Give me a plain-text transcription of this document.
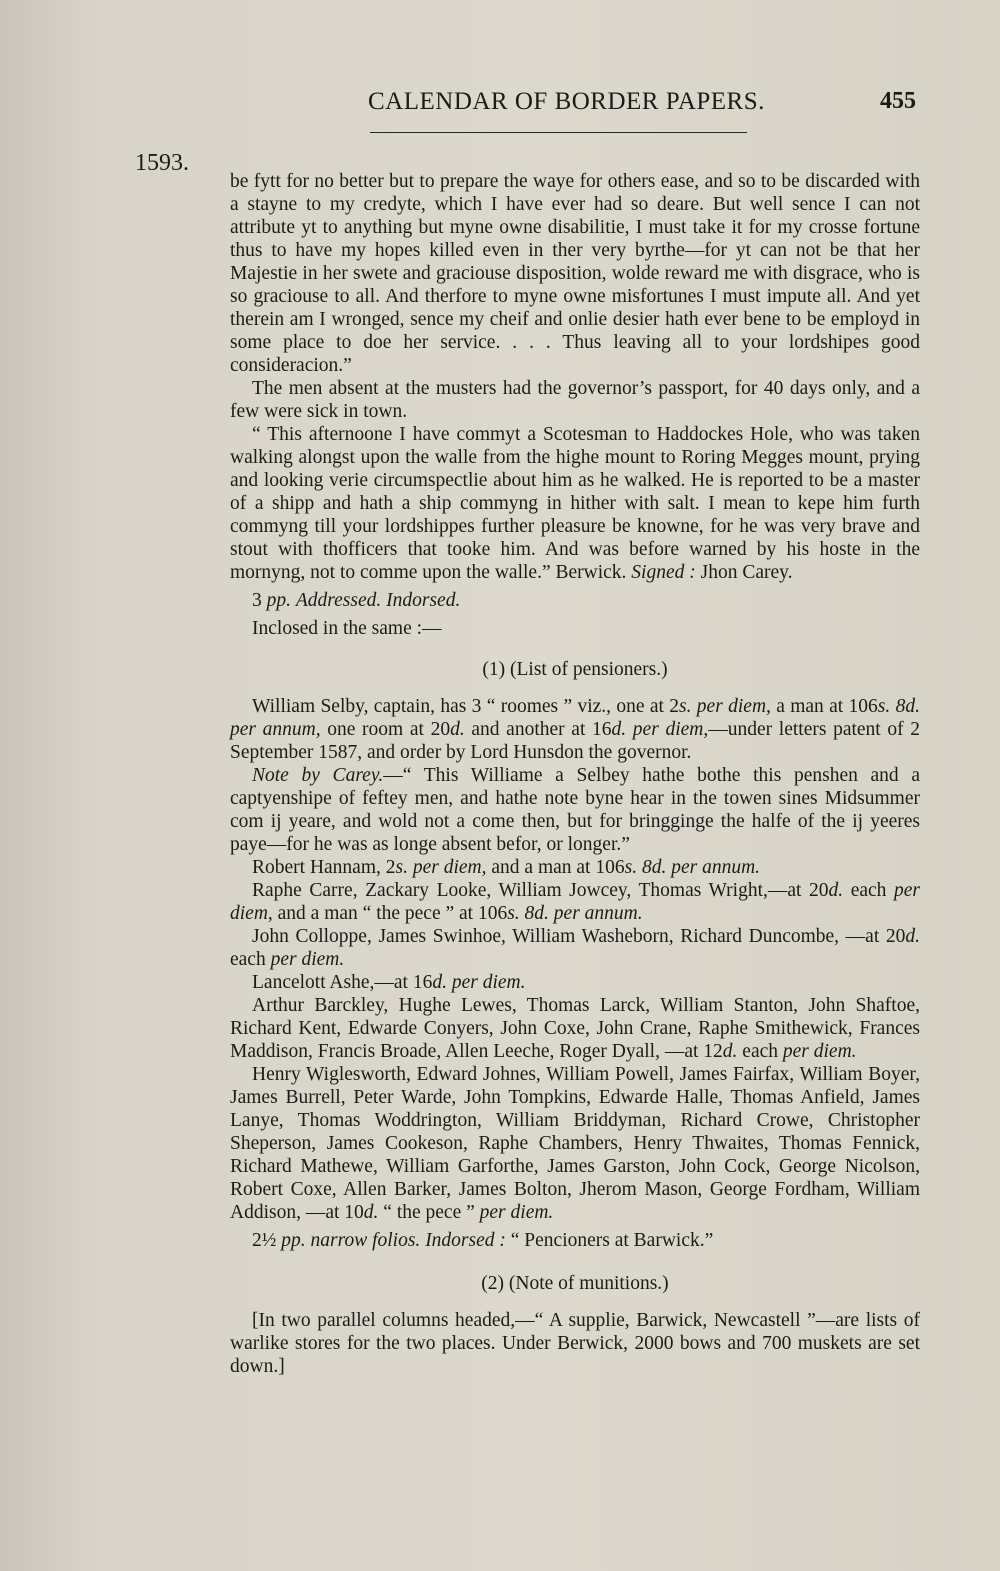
CALENDAR OF BORDER PAPERS.	455
1593.

be fytt for no better but to prepare the waye for others ease, and so to be discarded with a stayne to my credyte, which I have ever had so deare. But well sence I can not attribute yt to anything but myne owne disabilitie, I must take it for my crosse fortune thus to have my hopes killed even in ther very byrthe—for yt can not be that her Majestie in her swete and graciouse disposition, wolde reward me with disgrace, who is so graciouse to all. And therfore to myne owne misfortunes I must impute all. And yet therein am I wronged, sence my cheif and onlie desier hath ever bene to be employd in some place to doe her service. . . . Thus leaving all to your lordshipes good consideracion.”

The men absent at the musters had the governor’s passport, for 40 days only, and a few were sick in town.

“ This afternoone I have commyt a Scotesman to Haddockes Hole, who was taken walking alongst upon the walle from the highe mount to Roring Megges mount, prying and looking verie circumspectlie about him as he walked. He is reported to be a master of a shipp and hath a ship commyng in hither with salt. I mean to kepe him furth commyng till your lordshippes further pleasure be knowne, for he was very brave and stout with thofficers that tooke him. And was before warned by his hoste in the mornyng, not to comme upon the walle.” Berwick. Signed : Jhon Carey.

3 pp. Addressed. Indorsed.

Inclosed in the same :—

(1) (List of pensioners.)

William Selby, captain, has 3 “ roomes ” viz., one at 2s. per diem, a man at 106s. 8d. per annum, one room at 20d. and another at 16d. per diem,—under letters patent of 2 September 1587, and order by Lord Hunsdon the governor.

Note by Carey.—“ This Williame a Selbey hathe bothe this penshen and a captyenshipe of feftey men, and hathe note byne hear in the towen sines Midsummer com ij yeare, and wold not a come then, but for bringginge the halfe of the ij yeeres paye—for he was as longe absent befor, or longer.”

Robert Hannam, 2s. per diem, and a man at 106s. 8d. per annum.

Raphe Carre, Zackary Looke, William Jowcey, Thomas Wright,—at 20d. each per diem, and a man “ the pece ” at 106s. 8d. per annum.

John Colloppe, James Swinhoe, William Washeborn, Richard Duncombe, —at 20d. each per diem.

Lancelott Ashe,—at 16d. per diem.

Arthur Barckley, Hughe Lewes, Thomas Larck, William Stanton, John Shaftoe, Richard Kent, Edwarde Conyers, John Coxe, John Crane, Raphe Smithewick, Frances Maddison, Francis Broade, Allen Leeche, Roger Dyall, —at 12d. each per diem.

Henry Wiglesworth, Edward Johnes, William Powell, James Fairfax, William Boyer, James Burrell, Peter Warde, John Tompkins, Edwarde Halle, Thomas Anfield, James Lanye, Thomas Woddrington, William Briddyman, Richard Crowe, Christopher Sheperson, James Cookeson, Raphe Chambers, Henry Thwaites, Thomas Fennick, Richard Mathewe, William Garforthe, James Garston, John Cock, George Nicolson, Robert Coxe, Allen Barker, James Bolton, Jherom Mason, George Fordham, William Addison, —at 10d. “ the pece ” per diem.

2½ pp. narrow folios. Indorsed : “ Pencioners at Barwick.”

(2) (Note of munitions.)

[In two parallel columns headed,—“ A supplie, Barwick, Newcastell ”—are lists of warlike stores for the two places. Under Berwick, 2000 bows and 700 muskets are set down.]
